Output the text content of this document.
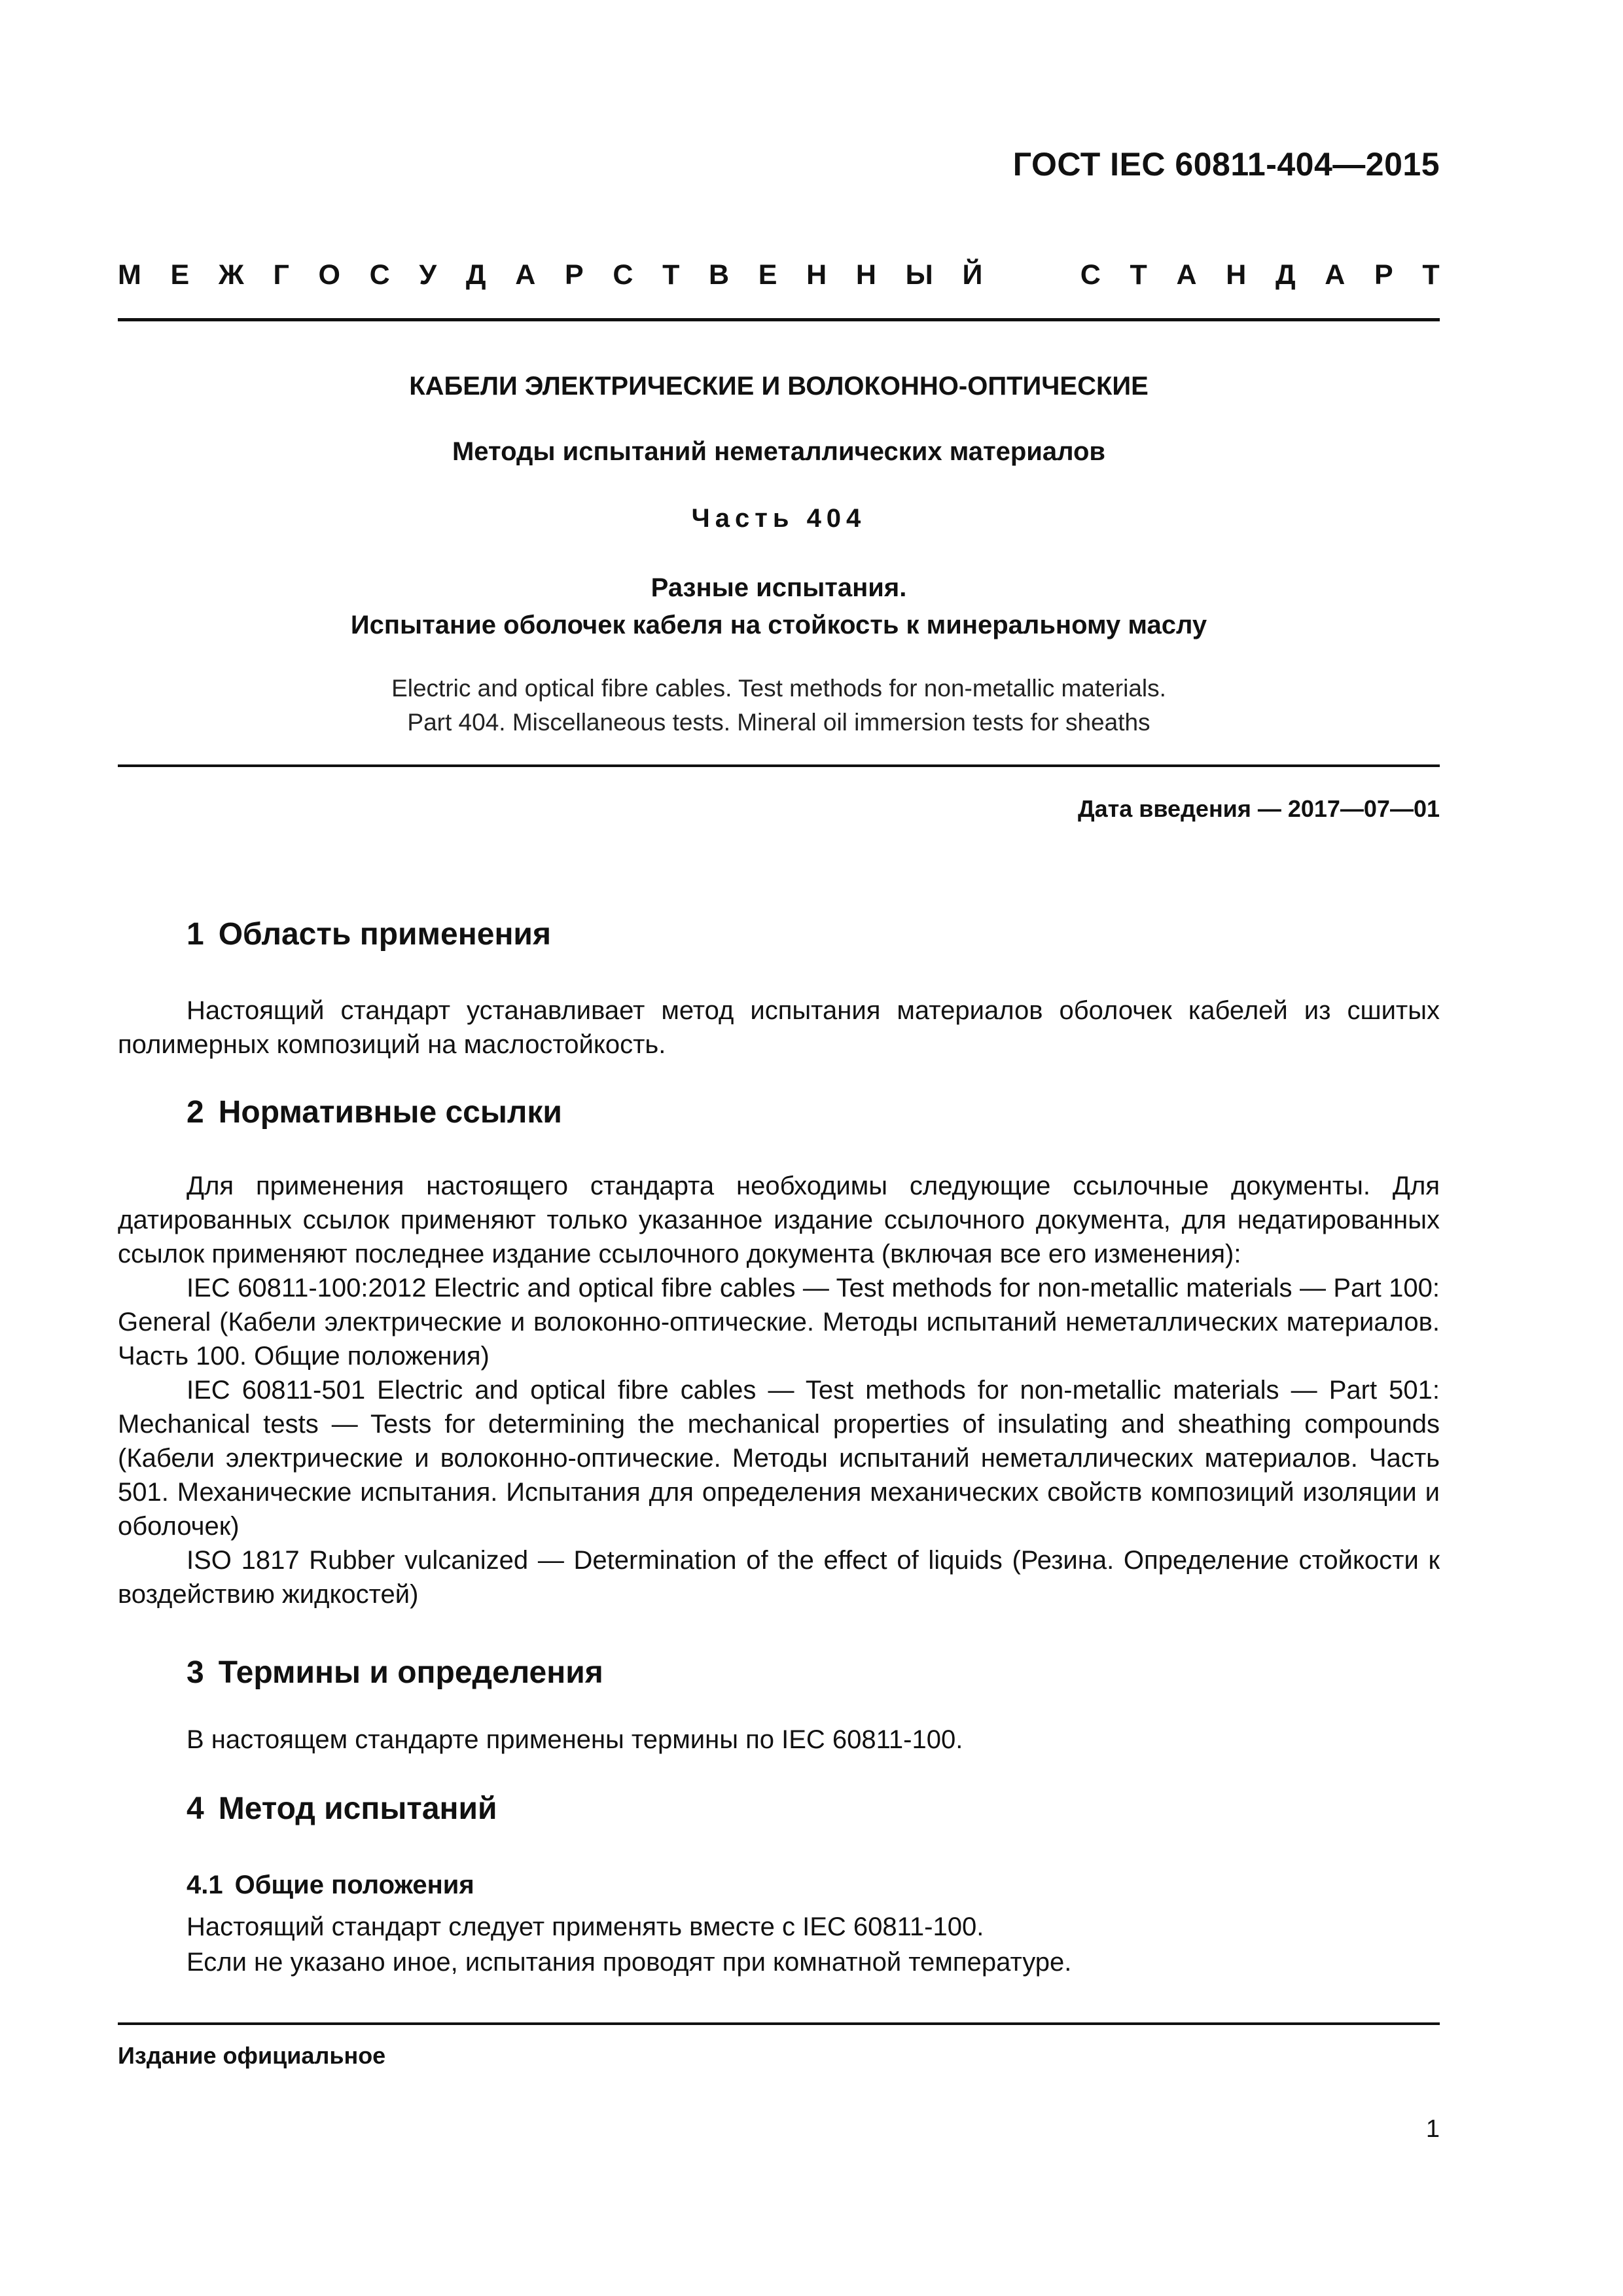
ГОСТ IEC 60811-404—2015
М Е Ж Г О С У Д А Р С Т В Е Н Н Ы Й	С Т А Н Д А Р Т
КАБЕЛИ ЭЛЕКТРИЧЕСКИЕ И ВОЛОКОННО-ОПТИЧЕСКИЕ
Методы испытаний неметаллических материалов
Часть 404
Разные испытания.
Испытание оболочек кабеля на стойкость к минеральному маслу
Electric and optical fibre cables. Test methods for non-metallic materials.
Part 404. Miscellaneous tests. Mineral oil immersion tests for sheaths
Дата введения — 2017—07—01
1 Область применения
Настоящий стандарт устанавливает метод испытания материалов оболочек кабелей из сшитых полимерных композиций на маслостойкость.
2 Нормативные ссылки
Для применения настоящего стандарта необходимы следующие ссылочные документы. Для датированных ссылок применяют только указанное издание ссылочного документа, для недатированных ссылок применяют последнее издание ссылочного документа (включая все его изменения):
IEC 60811-100:2012 Electric and optical fibre cables — Test methods for non-metallic materials — Part 100: General (Кабели электрические и волоконно-оптические. Методы испытаний неметаллических материалов. Часть 100. Общие положения)
IEC 60811-501 Electric and optical fibre cables — Test methods for non-metallic materials — Part 501: Mechanical tests — Tests for determining the mechanical properties of insulating and sheathing compounds (Кабели электрические и волоконно-оптические. Методы испытаний неметаллических материалов. Часть 501. Механические испытания. Испытания для определения механических свойств композиций изоляции и оболочек)
ISO 1817 Rubber vulcanized — Determination of the effect of liquids (Резина. Определение стойкости к воздействию жидкостей)
3 Термины и определения
В настоящем стандарте применены термины по IEC 60811-100.
4 Метод испытаний
4.1 Общие положения
Настоящий стандарт следует применять вместе с IEC 60811-100.
Если не указано иное, испытания проводят при комнатной температуре.
Издание официальное
1
